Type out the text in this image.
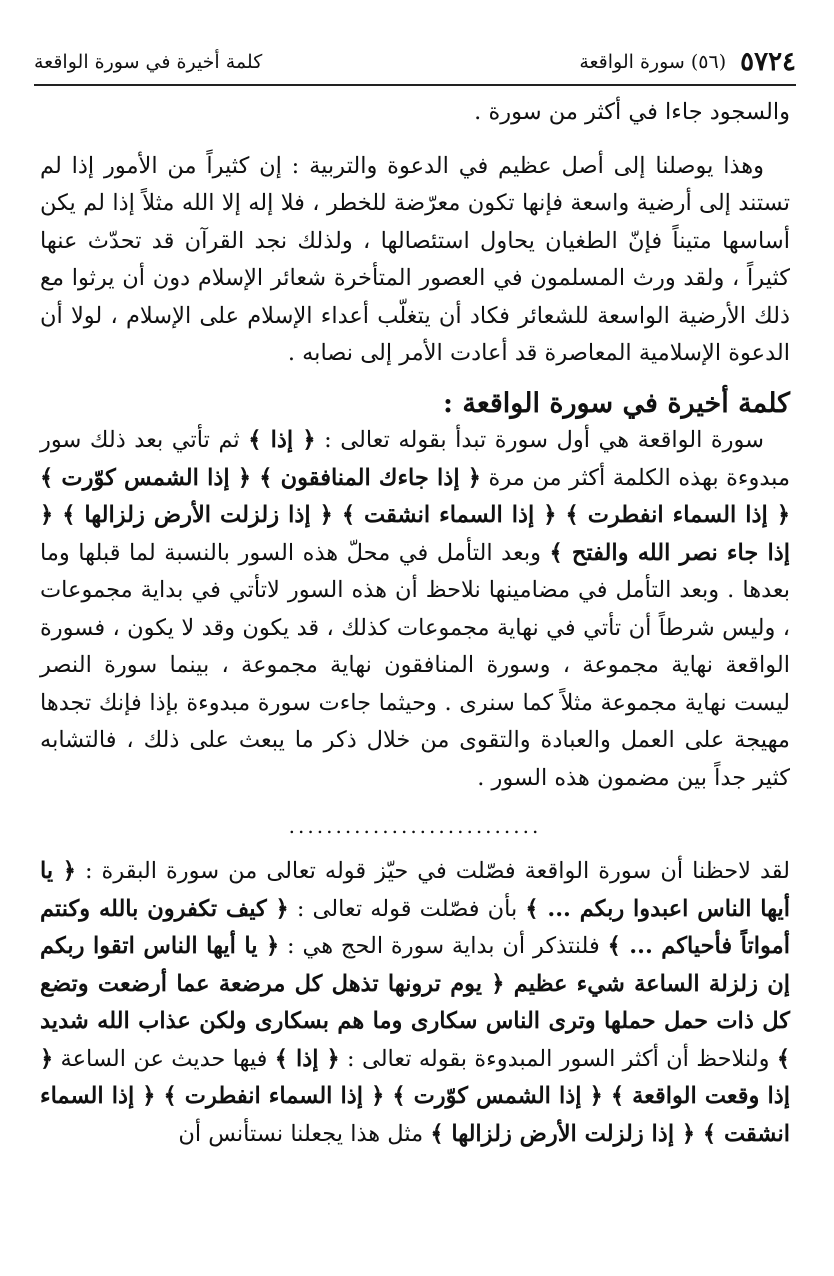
٥٧٢٤
(٥٦) سورة الواقعة
كلمة أخيرة في سورة الواقعة

والسجود جاءا في أكثر من سورة .

وهذا يوصلنا إلى أصل عظيم في الدعوة والتربية : إن كثيراً من الأمور إذا لم تستند إلى أرضية واسعة فإنها تكون معرّضة للخطر ، فلا إله إلا الله مثلاً إذا لم يكن أساسها متيناً فإنّ الطغيان يحاول استئصالها ، ولذلك نجد القرآن قد تحدّث عنها كثيراً ، ولقد ورث المسلمون في العصور المتأخرة شعائر الإسلام دون أن يرثوا مع ذلك الأرضية الواسعة للشعائر فكاد أن يتغلّب أعداء الإسلام على الإسلام ، لولا أن الدعوة الإسلامية المعاصرة قد أعادت الأمر إلى نصابه .

كلمة أخيرة في سورة الواقعة :

سورة الواقعة هي أول سورة تبدأ بقوله تعالى : ﴿ إذا ﴾ ثم تأتي بعد ذلك سور مبدوءة بهذه الكلمة أكثر من مرة ﴿ إذا جاءك المنافقون ﴾ ﴿ إذا الشمس كوّرت ﴾ ﴿ إذا السماء انفطرت ﴾ ﴿ إذا السماء انشقت ﴾ ﴿ إذا زلزلت الأرض زلزالها ﴾ ﴿ إذا جاء نصر الله والفتح ﴾ وبعد التأمل في محلّ هذه السور بالنسبة لما قبلها وما بعدها . وبعد التأمل في مضامينها نلاحظ أن هذه السور لاتأتي في بداية مجموعات ، وليس شرطاً أن تأتي في نهاية مجموعات كذلك ، قد يكون وقد لا يكون ، فسورة الواقعة نهاية مجموعة ، وسورة المنافقون نهاية مجموعة ، بينما سورة النصر ليست نهاية مجموعة مثلاً كما سنرى . وحيثما جاءت سورة مبدوءة بإذا فإنك تجدها مهيجة على العمل والعبادة والتقوى من خلال ذكر ما يبعث على ذلك ، فالتشابه كثير جداً بين مضمون هذه السور .

...........................

لقد لاحظنا أن سورة الواقعة فصّلت في حيّز قوله تعالى من سورة البقرة : ﴿ يا أيها الناس اعبدوا ربكم ... ﴾ بأن فصّلت قوله تعالى : ﴿ كيف تكفرون بالله وكنتم أمواتاً فأحياكم ... ﴾ فلنتذكر أن بداية سورة الحج هي : ﴿ يا أيها الناس اتقوا ربكم إن زلزلة الساعة شيء عظيم ﴿ يوم ترونها تذهل كل مرضعة عما أرضعت وتضع كل ذات حمل حملها وترى الناس سكارى وما هم بسكارى ولكن عذاب الله شديد ﴾ ولنلاحظ أن أكثر السور المبدوءة بقوله تعالى : ﴿ إذا ﴾ فيها حديث عن الساعة ﴿ إذا وقعت الواقعة ﴾ ﴿ إذا الشمس كوّرت ﴾ ﴿ إذا السماء انفطرت ﴾ ﴿ إذا السماء انشقت ﴾ ﴿ إذا زلزلت الأرض زلزالها ﴾ مثل هذا يجعلنا نستأنس أن
